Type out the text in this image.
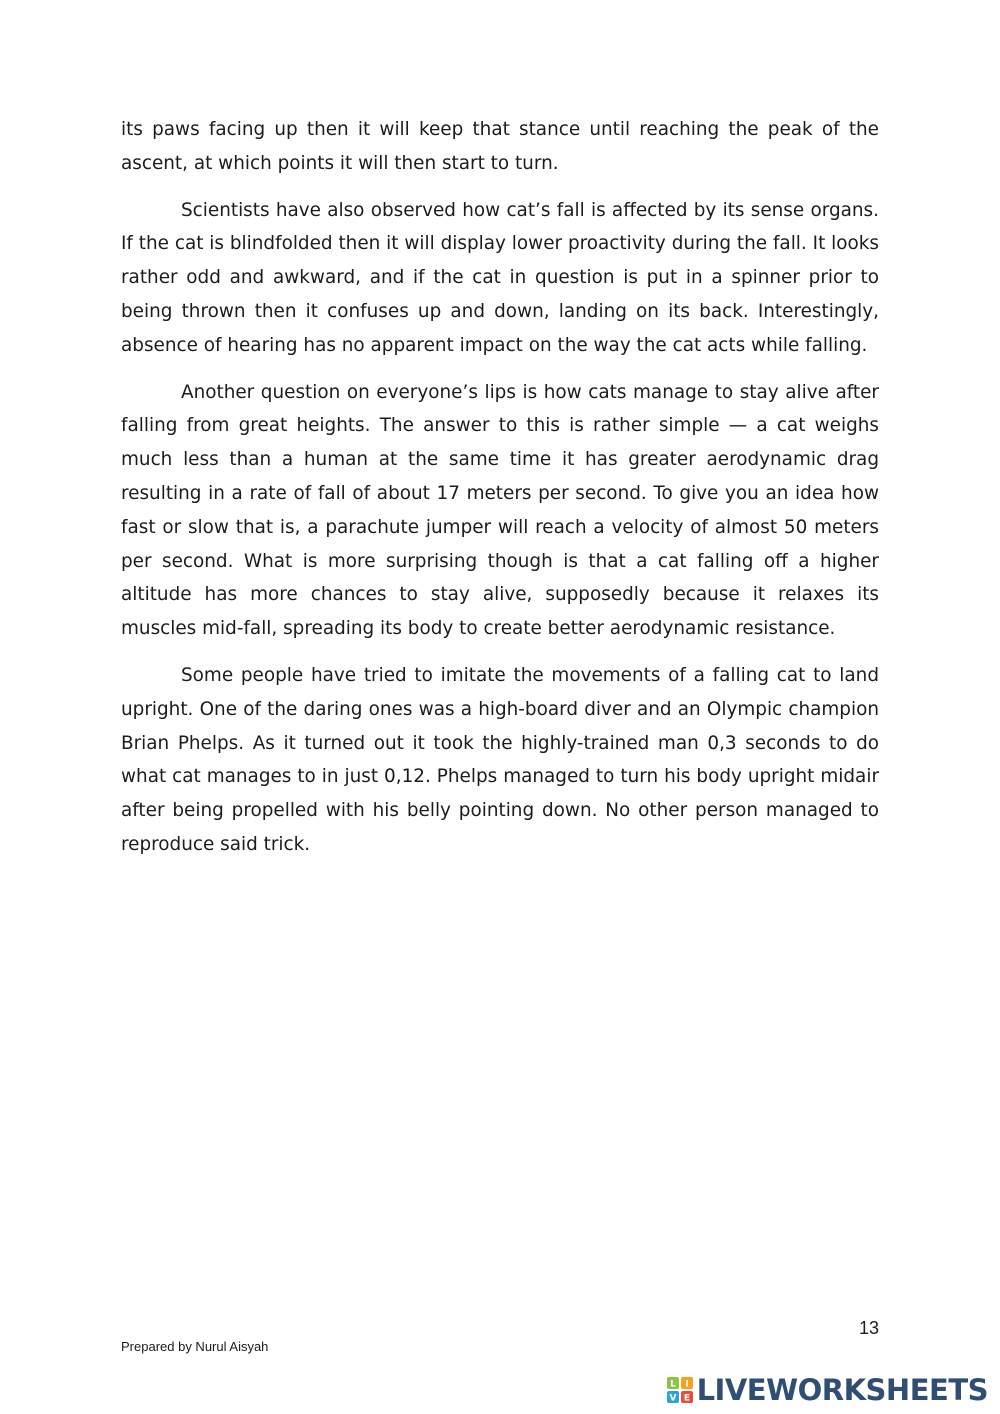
its paws facing up then it will keep that stance until reaching the peak of the ascent, at which points it will then start to turn.

Scientists have also observed how cat’s fall is affected by its sense organs. If the cat is blindfolded then it will display lower proactivity during the fall. It looks rather odd and awkward, and if the cat in question is put in a spinner prior to being thrown then it confuses up and down, landing on its back. Interestingly, absence of hearing has no apparent impact on the way the cat acts while falling.

Another question on everyone’s lips is how cats manage to stay alive after falling from great heights. The answer to this is rather simple — a cat weighs much less than a human at the same time it has greater aerodynamic drag resulting in a rate of fall of about 17 meters per second. To give you an idea how fast or slow that is, a parachute jumper will reach a velocity of almost 50 meters per second. What is more surprising though is that a cat falling off a higher altitude has more chances to stay alive, supposedly because it relaxes its muscles mid-fall, spreading its body to create better aerodynamic resistance.

Some people have tried to imitate the movements of a falling cat to land upright. One of the daring ones was a high-board diver and an Olympic champion Brian Phelps. As it turned out it took the highly-trained man 0,3 seconds to do what cat manages to in just 0,12. Phelps managed to turn his body upright midair after being propelled with his belly pointing down. No other person managed to reproduce said trick.

13
Prepared by Nurul Aisyah
L I
V E LIVEWORKSHEETS
